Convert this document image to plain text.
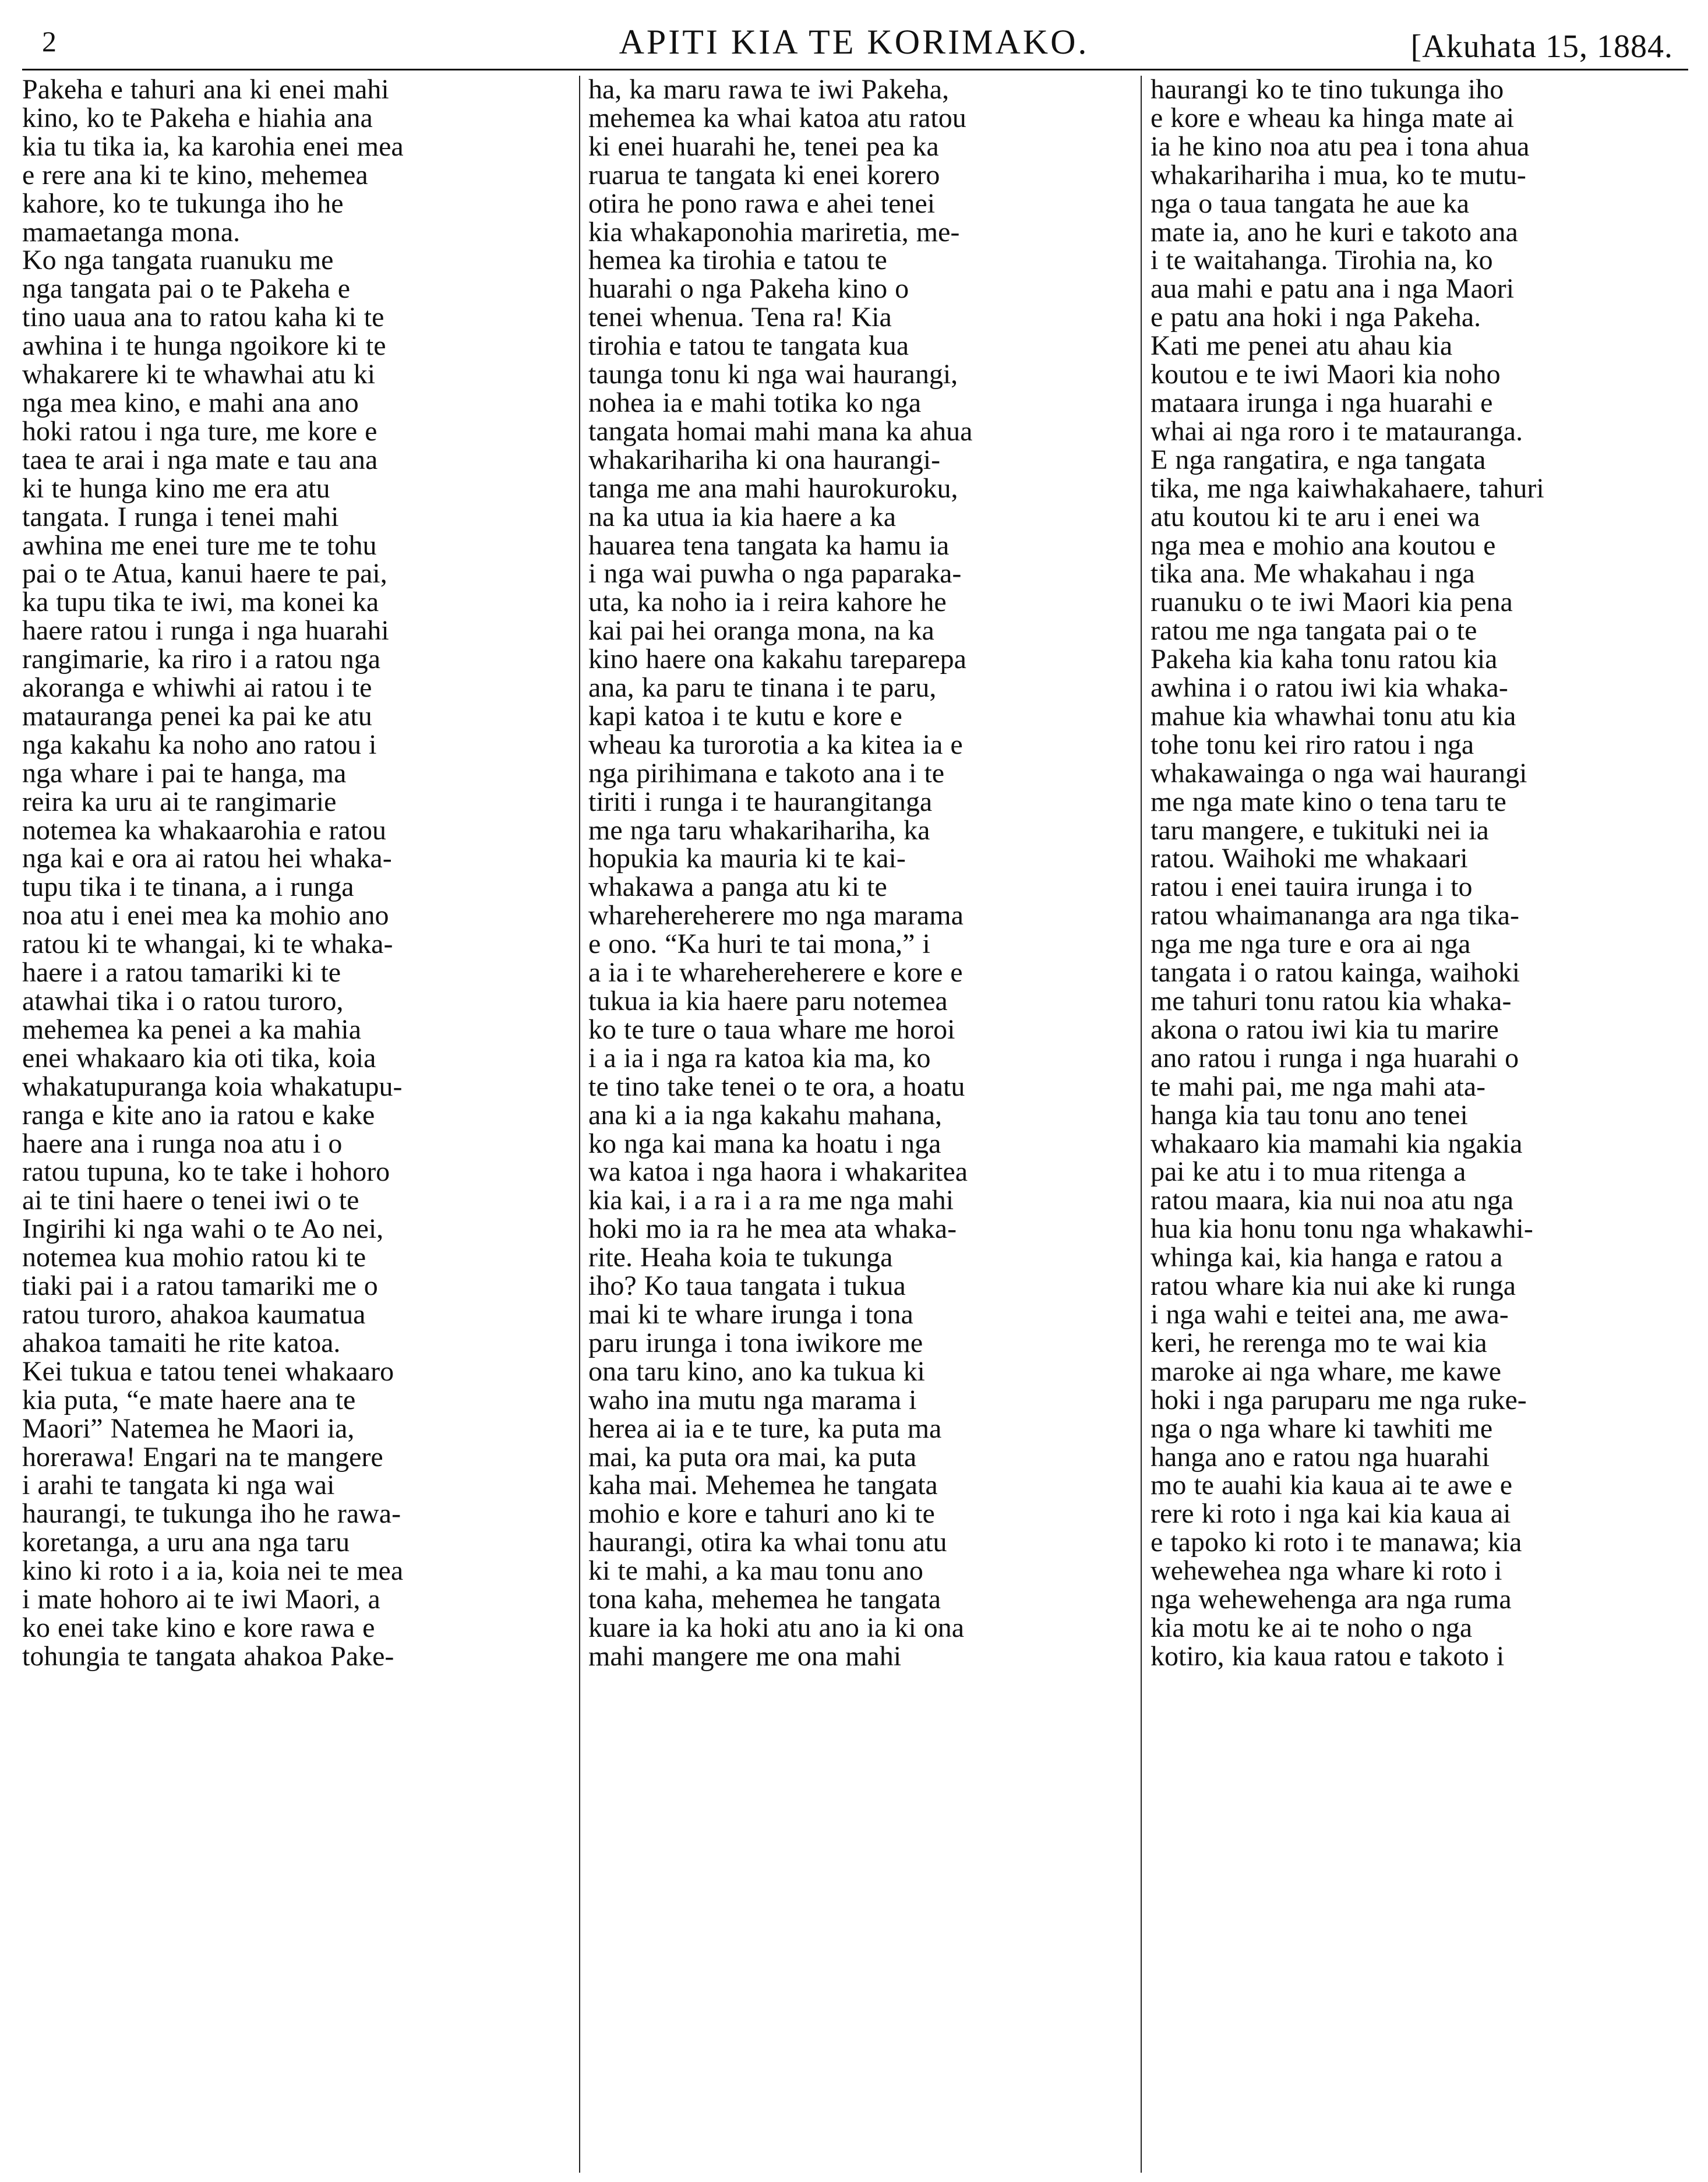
2	APITI KIA TE KORIMAKO.	[Akuhata 15, 1884.
Pakeha e tahuri ana ki enei mahi
kino, ko te Pakeha e hiahia ana
kia tu tika ia, ka karohia enei mea
e rere ana ki te kino, mehemea
kahore, ko te tukunga iho he
mamaetanga mona.
Ko nga tangata ruanuku me
nga tangata pai o te Pakeha e
tino uaua ana to ratou kaha ki te
awhina i te hunga ngoikore ki te
whakarere ki te whawhai atu ki
nga mea kino, e mahi ana ano
hoki ratou i nga ture, me kore e
taea te arai i nga mate e tau ana
ki te hunga kino me era atu
tangata. I runga i tenei mahi
awhina me enei ture me te tohu
pai o te Atua, kanui haere te pai,
ka tupu tika te iwi, ma konei ka
haere ratou i runga i nga huarahi
rangimarie, ka riro i a ratou nga
akoranga e whiwhi ai ratou i te
matauranga penei ka pai ke atu
nga kakahu ka noho ano ratou i
nga whare i pai te hanga, ma
reira ka uru ai te rangimarie
notemea ka whakaarohia e ratou
nga kai e ora ai ratou hei whaka-
tupu tika i te tinana, a i runga
noa atu i enei mea ka mohio ano
ratou ki te whangai, ki te whaka-
haere i a ratou tamariki ki te
atawhai tika i o ratou turoro,
mehemea ka penei a ka mahia
enei whakaaro kia oti tika, koia
whakatupuranga koia whakatupu-
ranga e kite ano ia ratou e kake
haere ana i runga noa atu i o
ratou tupuna, ko te take i hohoro
ai te tini haere o tenei iwi o te
Ingirihi ki nga wahi o te Ao nei,
notemea kua mohio ratou ki te
tiaki pai i a ratou tamariki me o
ratou turoro, ahakoa kaumatua
ahakoa tamaiti he rite katoa.
Kei tukua e tatou tenei whakaaro
kia puta, “e mate haere ana te
Maori” Natemea he Maori ia,
horerawa! Engari na te mangere
i arahi te tangata ki nga wai
haurangi, te tukunga iho he rawa-
koretanga, a uru ana nga taru
kino ki roto i a ia, koia nei te mea
i mate hohoro ai te iwi Maori, a
ko enei take kino e kore rawa e
tohungia te tangata ahakoa Pake-
ha, ka maru rawa te iwi Pakeha,
mehemea ka whai katoa atu ratou
ki enei huarahi he, tenei pea ka
ruarua te tangata ki enei korero
otira he pono rawa e ahei tenei
kia whakaponohia mariretia, me-
hemea ka tirohia e tatou te
huarahi o nga Pakeha kino o
tenei whenua. Tena ra! Kia
tirohia e tatou te tangata kua
taunga tonu ki nga wai haurangi,
nohea ia e mahi totika ko nga
tangata homai mahi mana ka ahua
whakarihariha ki ona haurangi-
tanga me ana mahi haurokuroku,
na ka utua ia kia haere a ka
hauarea tena tangata ka hamu ia
i nga wai puwha o nga paparaka-
uta, ka noho ia i reira kahore he
kai pai hei oranga mona, na ka
kino haere ona kakahu tareparepa
ana, ka paru te tinana i te paru,
kapi katoa i te kutu e kore e
wheau ka turorotia a ka kitea ia e
nga pirihimana e takoto ana i te
tiriti i runga i te haurangitanga
me nga taru whakarihariha, ka
hopukia ka mauria ki te kai-
whakawa a panga atu ki te
wharehereherere mo nga marama
e ono. “Ka huri te tai mona,” i
a ia i te wharehereherere e kore e
tukua ia kia haere paru notemea
ko te ture o taua whare me horoi
i a ia i nga ra katoa kia ma, ko
te tino take tenei o te ora, a hoatu
ana ki a ia nga kakahu mahana,
ko nga kai mana ka hoatu i nga
wa katoa i nga haora i whakaritea
kia kai, i a ra i a ra me nga mahi
hoki mo ia ra he mea ata whaka-
rite. Heaha koia te tukunga
iho? Ko taua tangata i tukua
mai ki te whare irunga i tona
paru irunga i tona iwikore me
ona taru kino, ano ka tukua ki
waho ina mutu nga marama i
herea ai ia e te ture, ka puta ma
mai, ka puta ora mai, ka puta
kaha mai. Mehemea he tangata
mohio e kore e tahuri ano ki te
haurangi, otira ka whai tonu atu
ki te mahi, a ka mau tonu ano
tona kaha, mehemea he tangata
kuare ia ka hoki atu ano ia ki ona
mahi mangere me ona mahi
haurangi ko te tino tukunga iho
e kore e wheau ka hinga mate ai
ia he kino noa atu pea i tona ahua
whakarihariha i mua, ko te mutu-
nga o taua tangata he aue ka
mate ia, ano he kuri e takoto ana
i te waitahanga. Tirohia na, ko
aua mahi e patu ana i nga Maori
e patu ana hoki i nga Pakeha.
Kati me penei atu ahau kia
koutou e te iwi Maori kia noho
mataara irunga i nga huarahi e
whai ai nga roro i te matauranga.
E nga rangatira, e nga tangata
tika, me nga kaiwhakahaere, tahuri
atu koutou ki te aru i enei wa
nga mea e mohio ana koutou e
tika ana. Me whakahau i nga
ruanuku o te iwi Maori kia pena
ratou me nga tangata pai o te
Pakeha kia kaha tonu ratou kia
awhina i o ratou iwi kia whaka-
mahue kia whawhai tonu atu kia
tohe tonu kei riro ratou i nga
whakawainga o nga wai haurangi
me nga mate kino o tena taru te
taru mangere, e tukituki nei ia
ratou. Waihoki me whakaari
ratou i enei tauira irunga i to
ratou whaimananga ara nga tika-
nga me nga ture e ora ai nga
tangata i o ratou kainga, waihoki
me tahuri tonu ratou kia whaka-
akona o ratou iwi kia tu marire
ano ratou i runga i nga huarahi o
te mahi pai, me nga mahi ata-
hanga kia tau tonu ano tenei
whakaaro kia mamahi kia ngakia
pai ke atu i to mua ritenga a
ratou maara, kia nui noa atu nga
hua kia honu tonu nga whakawhi-
whinga kai, kia hanga e ratou a
ratou whare kia nui ake ki runga
i nga wahi e teitei ana, me awa-
keri, he rerenga mo te wai kia
maroke ai nga whare, me kawe
hoki i nga paruparu me nga ruke-
nga o nga whare ki tawhiti me
hanga ano e ratou nga huarahi
mo te auahi kia kaua ai te awe e
rere ki roto i nga kai kia kaua ai
e tapoko ki roto i te manawa; kia
wehewehea nga whare ki roto i
nga wehewehenga ara nga ruma
kia motu ke ai te noho o nga
kotiro, kia kaua ratou e takoto i
